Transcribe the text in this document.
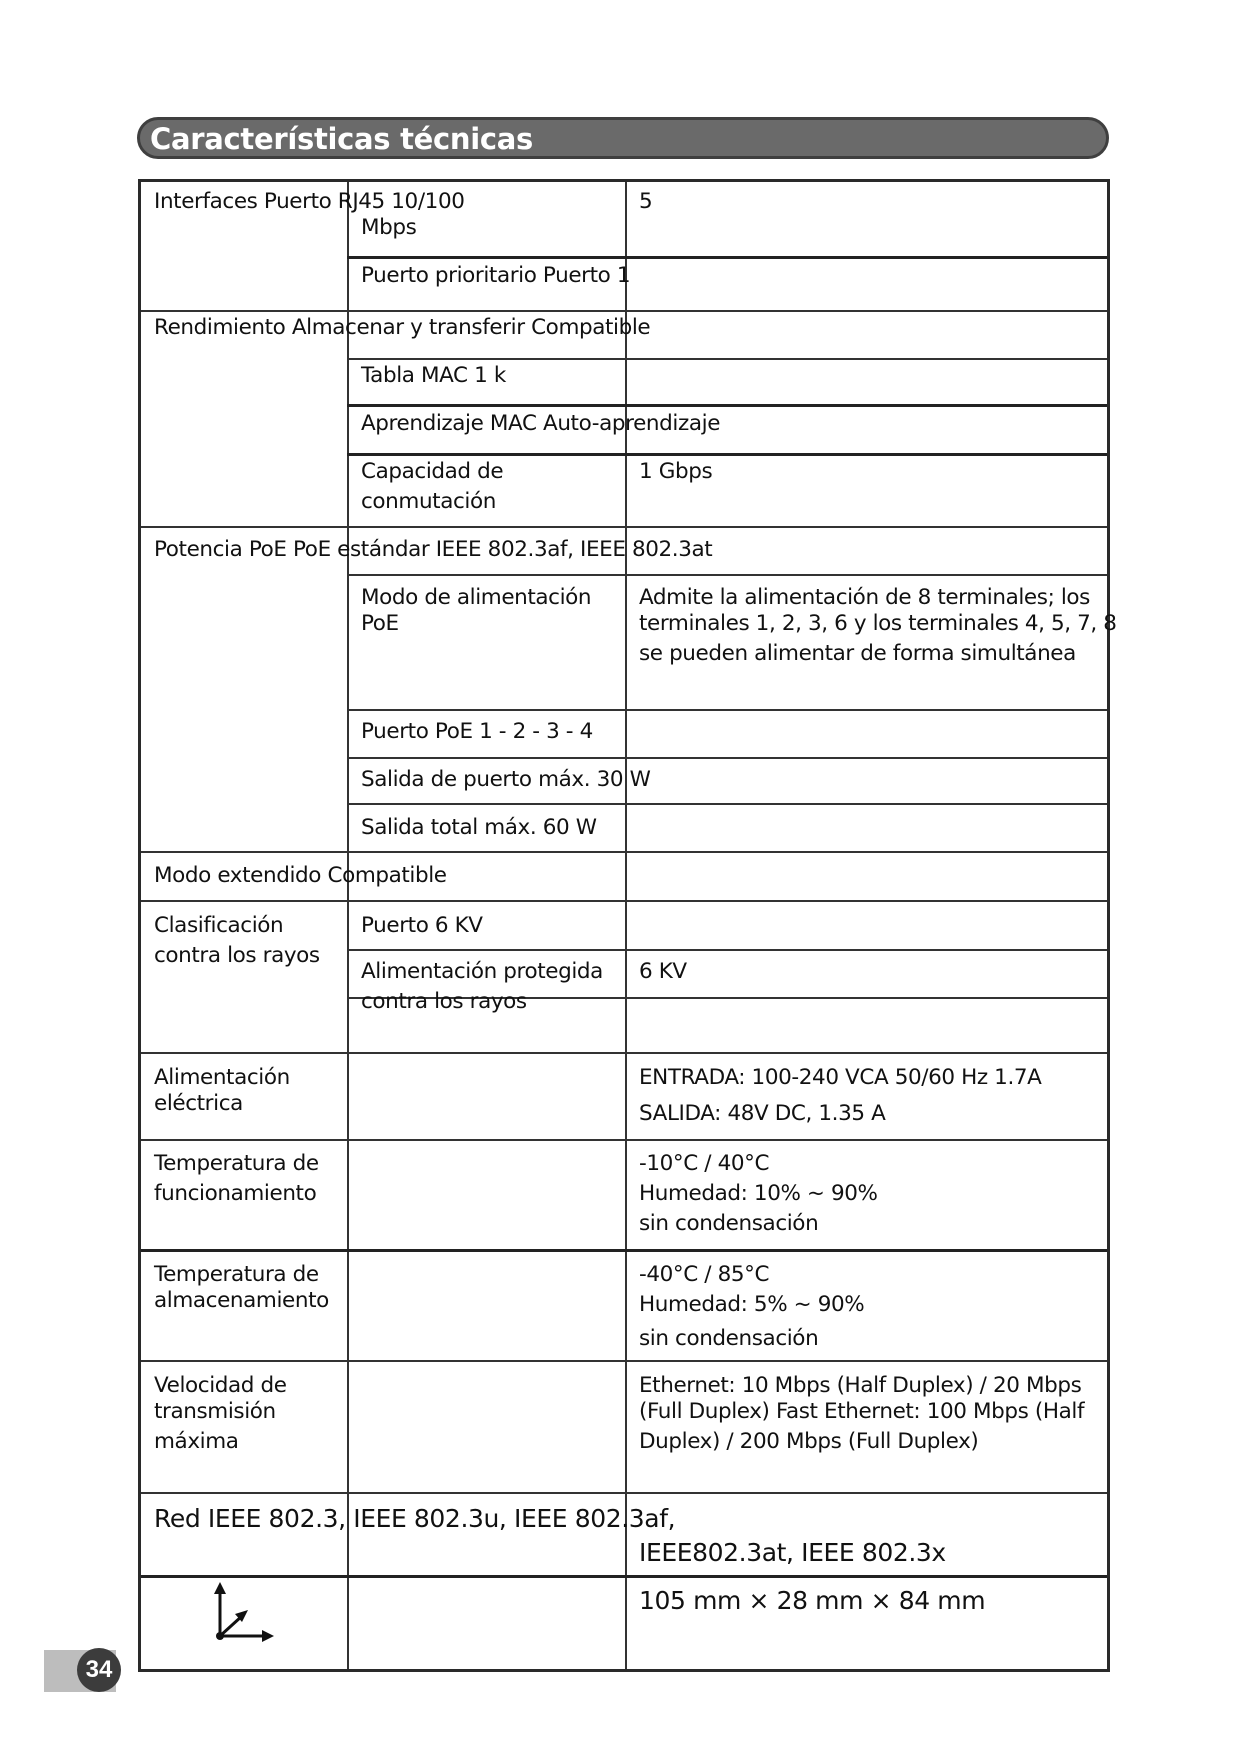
Características técnicas
Interfaces Puerto RJ45 10/100
Mbps
5
Puerto prioritario Puerto 1
Rendimiento Almacenar y transferir Compatible
Tabla MAC 1 k
Aprendizaje MAC Auto-aprendizaje
Capacidad de
conmutación
1 Gbps
Potencia PoE PoE estándar IEEE 802.3af, IEEE 802.3at
Modo de alimentación
PoE
Admite la alimentación de 8 terminales; los
terminales 1, 2, 3, 6 y los terminales 4, 5, 7, 8
se pueden alimentar de forma simultánea
Puerto PoE 1 - 2 - 3 - 4
Salida de puerto máx. 30 W
Salida total máx. 60 W
Modo extendido Compatible
Clasificación
contra los rayos
Puerto 6 KV
Alimentación protegida
contra los rayos
6 KV
Alimentación
eléctrica
ENTRADA: 100-240 VCA 50/60 Hz 1.7A
SALIDA: 48V DC, 1.35 A
Temperatura de
funcionamiento
-10°C / 40°C
Humedad: 10% ~ 90%
sin condensación
Temperatura de
almacenamiento
-40°C / 85°C
Humedad: 5% ~ 90%
sin condensación
Velocidad de
transmisión
máxima
Ethernet: 10 Mbps (Half Duplex) / 20 Mbps
(Full Duplex) Fast Ethernet: 100 Mbps (Half
Duplex) / 200 Mbps (Full Duplex)
Red IEEE 802.3, IEEE 802.3u, IEEE 802.3af,
IEEE802.3at, IEEE 802.3x
105 mm × 28 mm × 84 mm
34
